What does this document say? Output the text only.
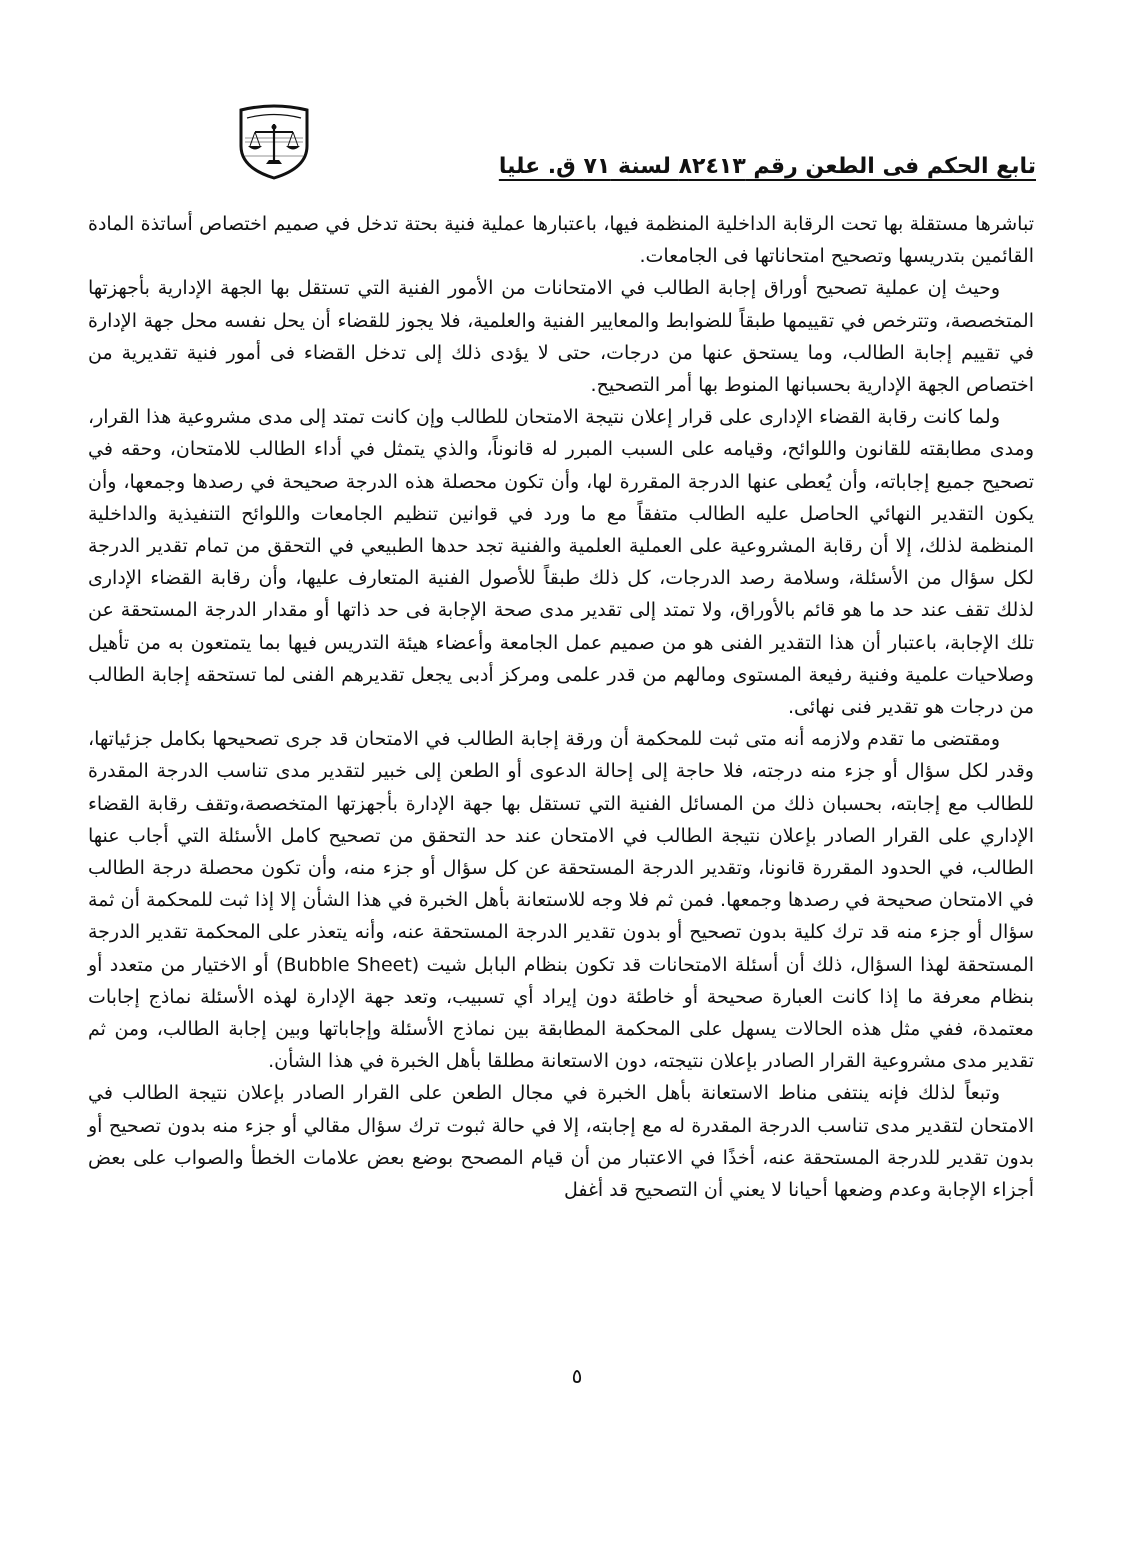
تابع الحكم فى الطعن رقم ٨٢٤١٣ لسنة ٧١ ق. عليا

تباشرها مستقلة بها تحت الرقابة الداخلية المنظمة فيها، باعتبارها عملية فنية بحتة تدخل في صميم اختصاص أساتذة المادة القائمين بتدريسها وتصحيح امتحاناتها فى الجامعات.

وحيث إن عملية تصحيح أوراق إجابة الطالب في الامتحانات من الأمور الفنية التي تستقل بها الجهة الإدارية بأجهزتها المتخصصة، وتترخص في تقييمها طبقاً للضوابط والمعايير الفنية والعلمية، فلا يجوز للقضاء أن يحل نفسه محل جهة الإدارة في تقييم إجابة الطالب، وما يستحق عنها من درجات، حتى لا يؤدى ذلك إلى تدخل القضاء فى أمور فنية تقديرية من اختصاص الجهة الإدارية بحسبانها المنوط بها أمر التصحيح.

ولما كانت رقابة القضاء الإدارى على قرار إعلان نتيجة الامتحان للطالب وإن كانت تمتد إلى مدى مشروعية هذا القرار، ومدى مطابقته للقانون واللوائح، وقيامه على السبب المبرر له قانوناً، والذي يتمثل في أداء الطالب للامتحان، وحقه في تصحيح جميع إجاباته، وأن يُعطى عنها الدرجة المقررة لها، وأن تكون محصلة هذه الدرجة صحيحة في رصدها وجمعها، وأن يكون التقدير النهائي الحاصل عليه الطالب متفقاً مع ما ورد في قوانين تنظيم الجامعات واللوائح التنفيذية والداخلية المنظمة لذلك، إلا أن رقابة المشروعية على العملية العلمية والفنية تجد حدها الطبيعي في التحقق من تمام تقدير الدرجة لكل سؤال من الأسئلة، وسلامة رصد الدرجات، كل ذلك طبقاً للأصول الفنية المتعارف عليها، وأن رقابة القضاء الإدارى لذلك تقف عند حد ما هو قائم بالأوراق، ولا تمتد إلى تقدير مدى صحة الإجابة فى حد ذاتها أو مقدار الدرجة المستحقة عن تلك الإجابة، باعتبار أن هذا التقدير الفنى هو من صميم عمل الجامعة وأعضاء هيئة التدريس فيها بما يتمتعون به من تأهيل وصلاحيات علمية وفنية رفيعة المستوى ومالهم من قدر علمى ومركز أدبى يجعل تقديرهم الفنى لما تستحقه إجابة الطالب من درجات هو تقدير فنى نهائى.

ومقتضى ما تقدم ولازمه أنه متى ثبت للمحكمة أن ورقة إجابة الطالب في الامتحان قد جرى تصحيحها بكامل جزئياتها، وقدر لكل سؤال أو جزء منه درجته، فلا حاجة إلى إحالة الدعوى أو الطعن إلى خبير لتقدير مدى تناسب الدرجة المقدرة للطالب مع إجابته، بحسبان ذلك من المسائل الفنية التي تستقل بها جهة الإدارة بأجهزتها المتخصصة،وتقف رقابة القضاء الإداري على القرار الصادر بإعلان نتيجة الطالب في الامتحان عند حد التحقق من تصحيح كامل الأسئلة التي أجاب عنها الطالب، في الحدود المقررة قانونا، وتقدير الدرجة المستحقة عن كل سؤال أو جزء منه، وأن تكون محصلة درجة الطالب في الامتحان صحيحة في رصدها وجمعها. فمن ثم فلا وجه للاستعانة بأهل الخبرة في هذا الشأن إلا إذا ثبت للمحكمة أن ثمة سؤال أو جزء منه قد ترك كلية بدون تصحيح أو بدون تقدير الدرجة المستحقة عنه، وأنه يتعذر على المحكمة تقدير الدرجة المستحقة لهذا السؤال، ذلك أن أسئلة الامتحانات قد تكون بنظام البابل شيت (Bubble Sheet) أو الاختيار من متعدد أو بنظام معرفة ما إذا كانت العبارة صحيحة أو خاطئة دون إيراد أي تسبيب، وتعد جهة الإدارة لهذه الأسئلة نماذج إجابات معتمدة، ففي مثل هذه الحالات يسهل على المحكمة المطابقة بين نماذج الأسئلة وإجاباتها وبين إجابة الطالب، ومن ثم تقدير مدى مشروعية القرار الصادر بإعلان نتيجته، دون الاستعانة مطلقا بأهل الخبرة في هذا الشأن.

وتبعاً لذلك فإنه ينتفى مناط الاستعانة بأهل الخبرة في مجال الطعن على القرار الصادر بإعلان نتيجة الطالب في الامتحان لتقدير مدى تناسب الدرجة المقدرة له مع إجابته، إلا في حالة ثبوت ترك سؤال مقالي أو جزء منه بدون تصحيح أو بدون تقدير للدرجة المستحقة عنه، أخذًا في الاعتبار من أن قيام المصحح بوضع بعض علامات الخطأ والصواب على بعض أجزاء الإجابة وعدم وضعها أحيانا لا يعني أن التصحيح قد أغفل

٥
